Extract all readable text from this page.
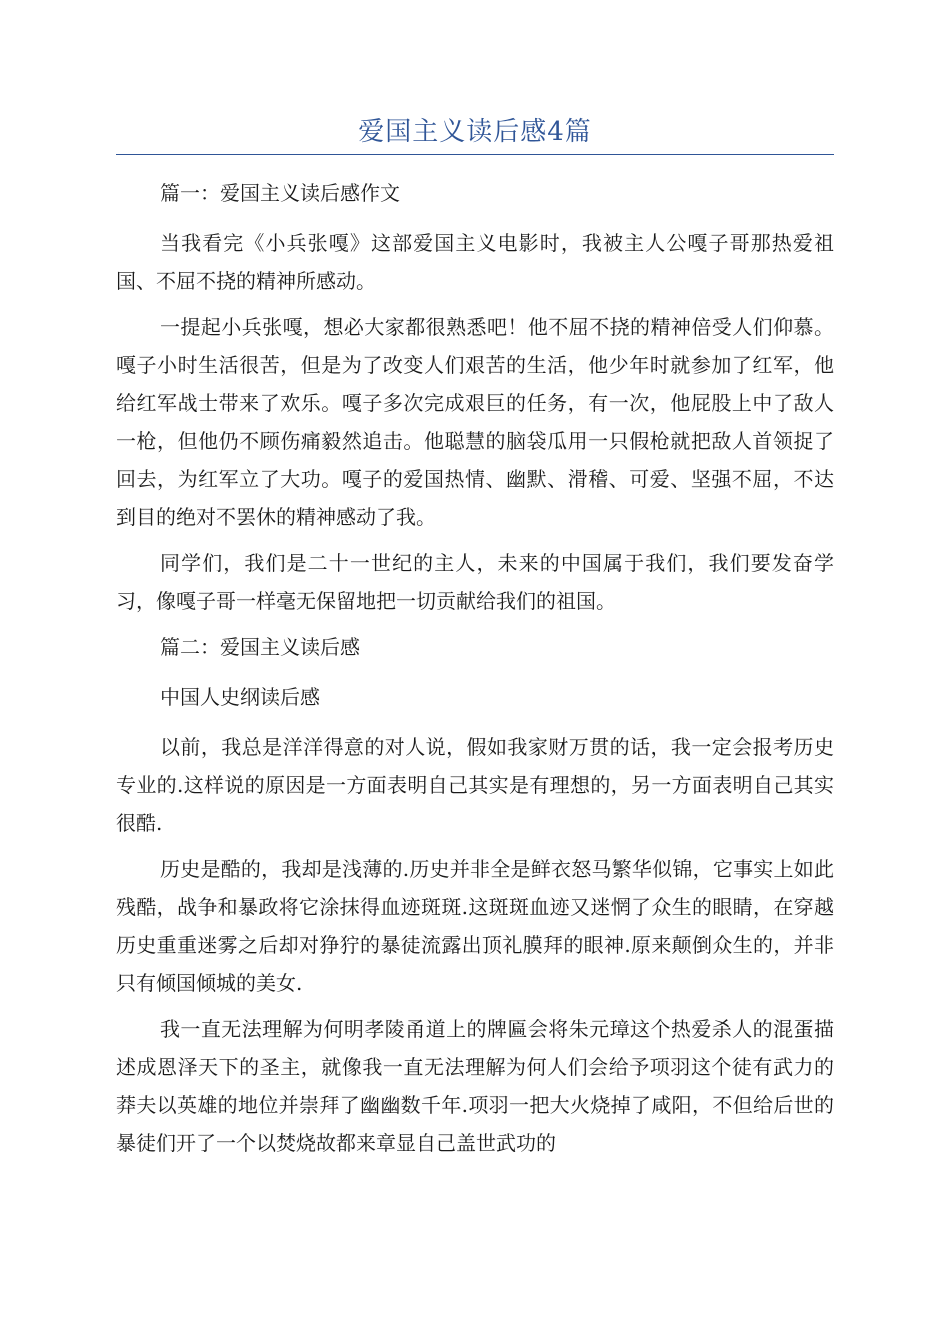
爱国主义读后感4篇

篇一：爱国主义读后感作文

当我看完《小兵张嘎》这部爱国主义电影时，我被主人公嘎子哥那热爱祖国、不屈不挠的精神所感动。

一提起小兵张嘎，想必大家都很熟悉吧！他不屈不挠的精神倍受人们仰慕。嘎子小时生活很苦，但是为了改变人们艰苦的生活，他少年时就参加了红军，他给红军战士带来了欢乐。嘎子多次完成艰巨的任务，有一次，他屁股上中了敌人一枪，但他仍不顾伤痛毅然追击。他聪慧的脑袋瓜用一只假枪就把敌人首领捉了回去，为红军立了大功。嘎子的爱国热情、幽默、滑稽、可爱、坚强不屈，不达到目的绝对不罢休的精神感动了我。

同学们，我们是二十一世纪的主人，未来的中国属于我们，我们要发奋学习，像嘎子哥一样毫无保留地把一切贡献给我们的祖国。

篇二：爱国主义读后感

中国人史纲读后感

以前，我总是洋洋得意的对人说，假如我家财万贯的话，我一定会报考历史专业的.这样说的原因是一方面表明自己其实是有理想的，另一方面表明自己其实很酷.

历史是酷的，我却是浅薄的.历史并非全是鲜衣怒马繁华似锦，它事实上如此残酷，战争和暴政将它涂抹得血迹斑斑.这斑斑血迹又迷惘了众生的眼睛，在穿越历史重重迷雾之后却对狰狞的暴徒流露出顶礼膜拜的眼神.原来颠倒众生的，并非只有倾国倾城的美女.

我一直无法理解为何明孝陵甬道上的牌匾会将朱元璋这个热爱杀人的混蛋描述成恩泽天下的圣主，就像我一直无法理解为何人们会给予项羽这个徒有武力的莽夫以英雄的地位并崇拜了幽幽数千年.项羽一把大火烧掉了咸阳，不但给后世的暴徒们开了一个以焚烧故都来章显自己盖世武功的
